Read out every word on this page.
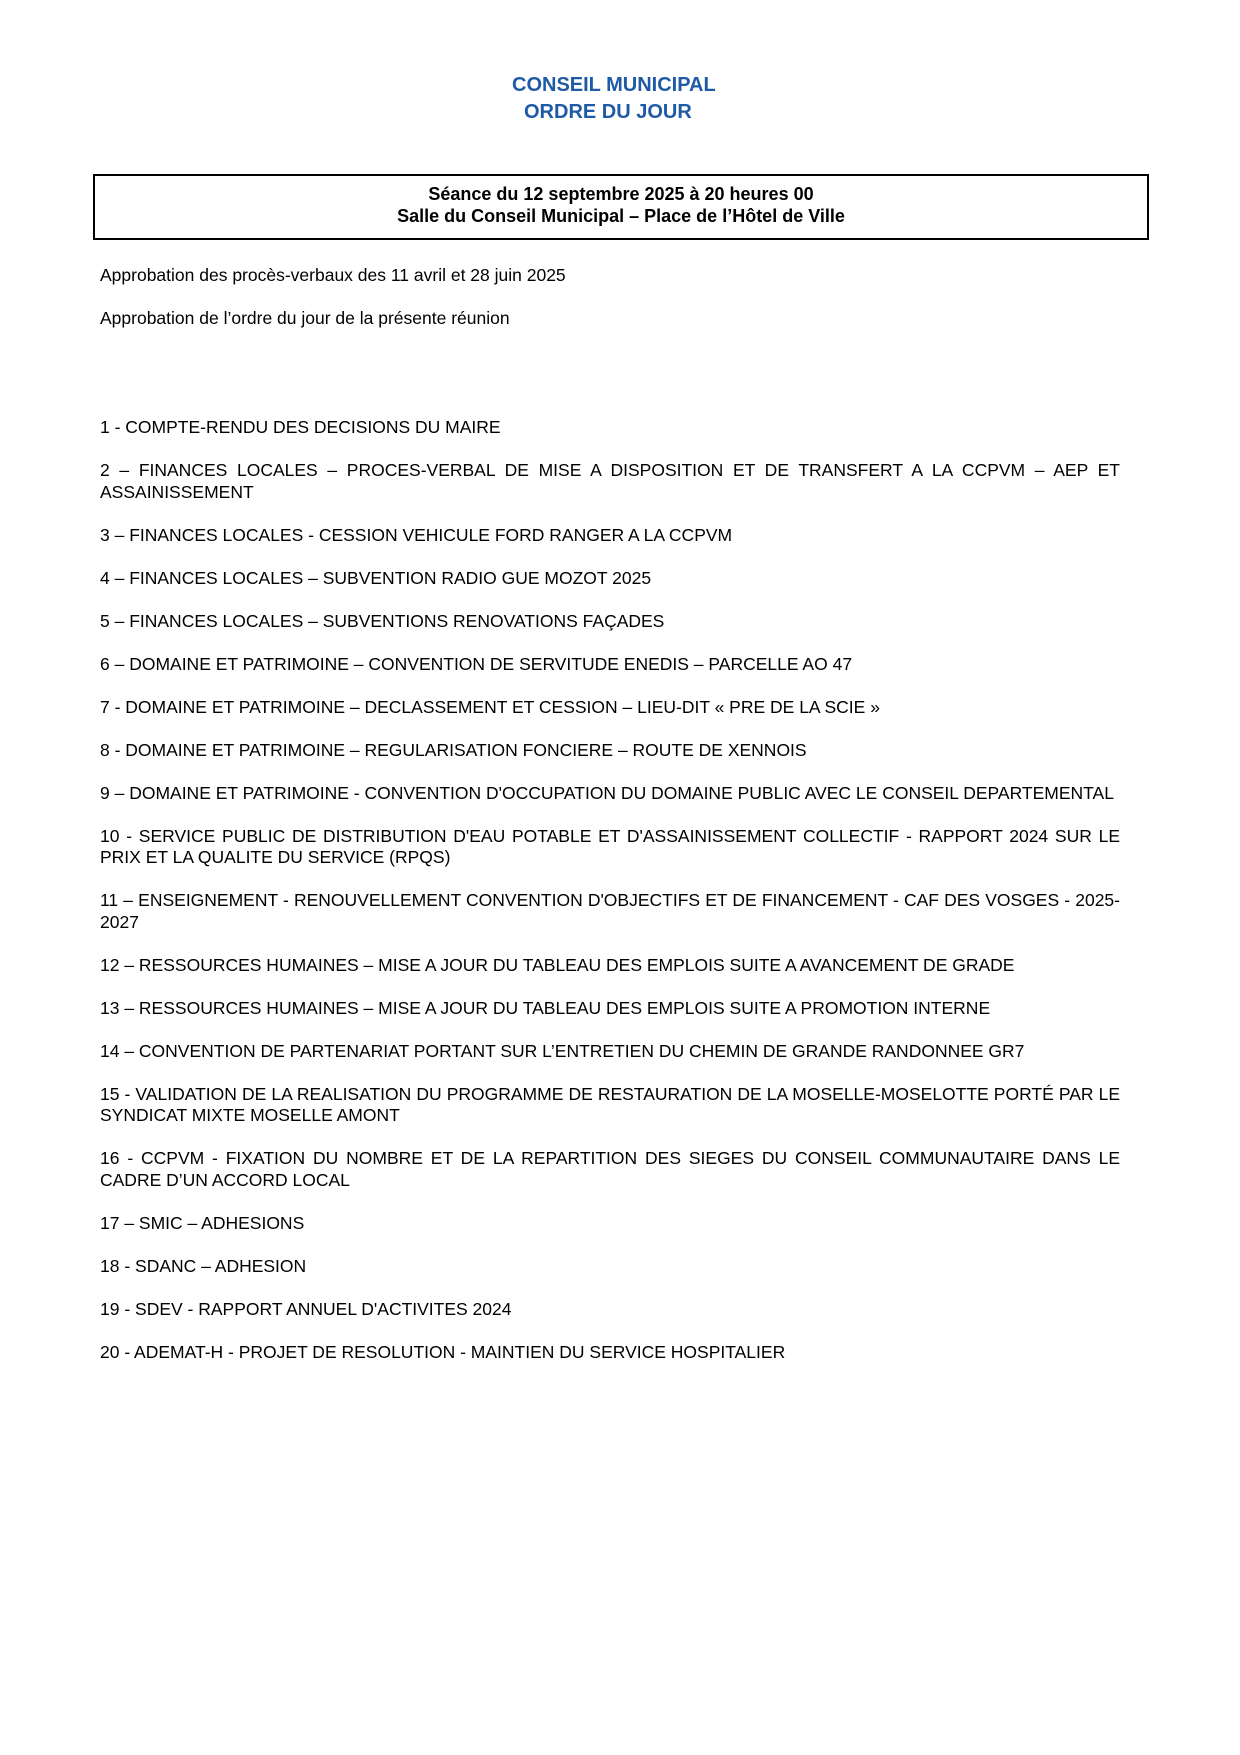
CONSEIL MUNICIPAL
ORDRE DU JOUR
Séance du 12 septembre 2025 à 20 heures 00
Salle du Conseil Municipal – Place de l’Hôtel de Ville
Approbation des procès-verbaux des 11 avril et 28 juin 2025
Approbation de l’ordre du jour de la présente réunion
1 - COMPTE-RENDU DES DECISIONS DU MAIRE
2 – FINANCES LOCALES – PROCES-VERBAL DE MISE A DISPOSITION ET DE TRANSFERT A LA CCPVM – AEP ET ASSAINISSEMENT
3 – FINANCES LOCALES - CESSION VEHICULE FORD RANGER A LA CCPVM
4 – FINANCES LOCALES – SUBVENTION RADIO GUE MOZOT 2025
5 – FINANCES LOCALES – SUBVENTIONS RENOVATIONS FAÇADES
6 – DOMAINE ET PATRIMOINE – CONVENTION DE SERVITUDE ENEDIS – PARCELLE AO 47
7 - DOMAINE ET PATRIMOINE – DECLASSEMENT ET CESSION – LIEU-DIT « PRE DE LA SCIE »
8 - DOMAINE ET PATRIMOINE – REGULARISATION FONCIERE – ROUTE DE XENNOIS
9 – DOMAINE ET PATRIMOINE - CONVENTION D'OCCUPATION DU DOMAINE PUBLIC AVEC LE CONSEIL DEPARTEMENTAL
10 - SERVICE PUBLIC DE DISTRIBUTION D'EAU POTABLE ET D'ASSAINISSEMENT COLLECTIF - RAPPORT 2024 SUR LE PRIX ET LA QUALITE DU SERVICE (RPQS)
11 – ENSEIGNEMENT - RENOUVELLEMENT CONVENTION D'OBJECTIFS ET DE FINANCEMENT - CAF DES VOSGES - 2025-2027
12 – RESSOURCES HUMAINES – MISE A JOUR DU TABLEAU DES EMPLOIS SUITE A AVANCEMENT DE GRADE
13 – RESSOURCES HUMAINES – MISE A JOUR DU TABLEAU DES EMPLOIS SUITE A PROMOTION INTERNE
14 – CONVENTION DE PARTENARIAT PORTANT SUR L’ENTRETIEN DU CHEMIN DE GRANDE RANDONNEE GR7
15 - VALIDATION DE LA REALISATION DU PROGRAMME DE RESTAURATION DE LA MOSELLE-MOSELOTTE PORTÉ PAR LE SYNDICAT MIXTE MOSELLE AMONT
16 - CCPVM - FIXATION DU NOMBRE ET DE LA REPARTITION DES SIEGES DU CONSEIL COMMUNAUTAIRE DANS LE CADRE D’UN ACCORD LOCAL
17 – SMIC – ADHESIONS
18 - SDANC – ADHESION
19 - SDEV - RAPPORT ANNUEL D'ACTIVITES 2024
20 - ADEMAT-H - PROJET DE RESOLUTION - MAINTIEN DU SERVICE HOSPITALIER
